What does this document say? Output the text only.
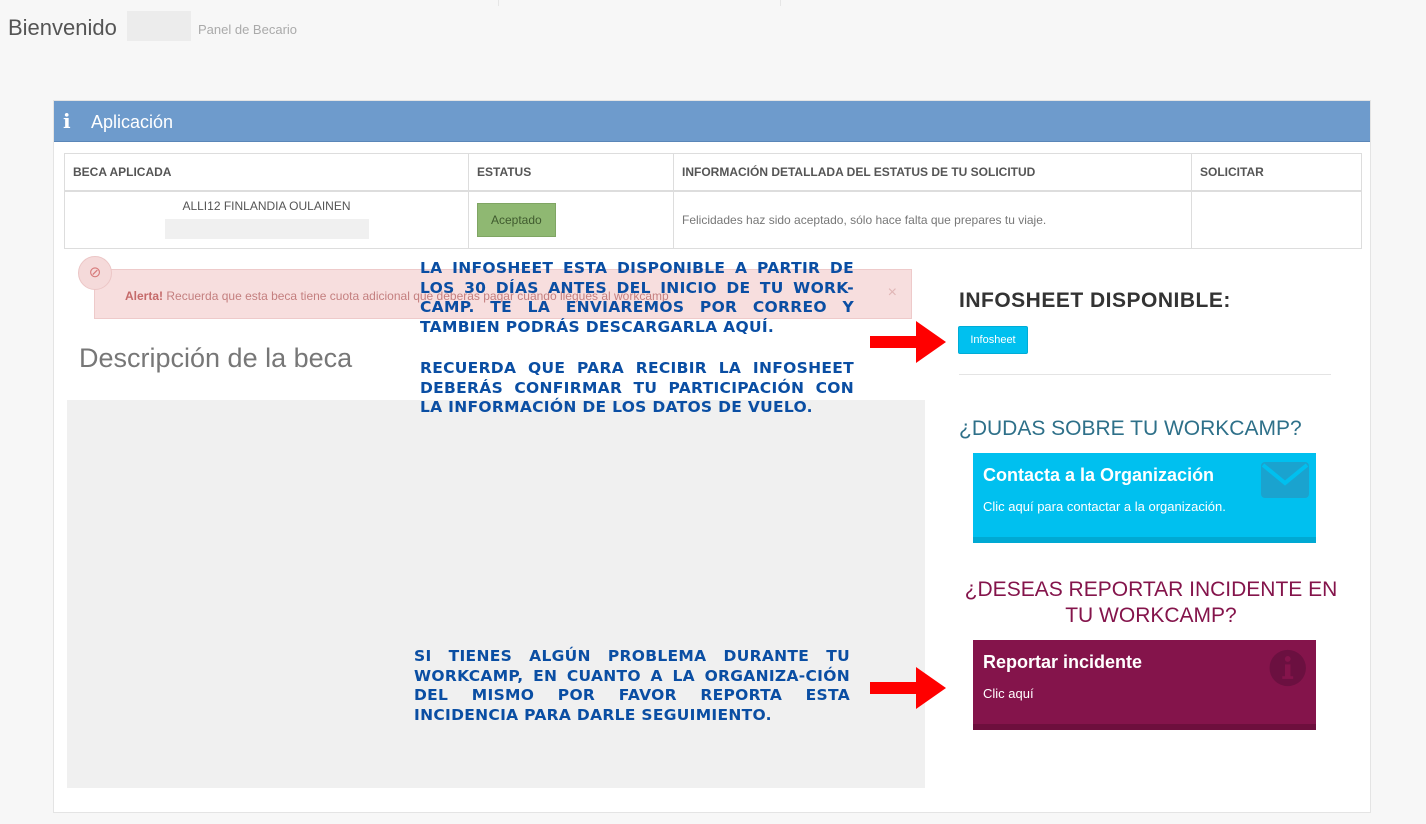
Bienvenido	Panel de Becario
i Aplicación
BECA APLICADA	ESTATUS	INFORMACIÓN DETALLADA DEL ESTATUS DE TU SOLICITUD	SOLICITAR

ALLI12 FINLANDIA OULAINEN	Aceptado	Felicidades haz sido aceptado, sólo hace falta que prepares tu viaje.	
Alerta! Recuerda que esta beca tiene cuota adicional que deberás pagar cuando llegues al workcamp	×
⊘
Descripción de la beca
LA INFOSHEET ESTA DISPONIBLE A PARTIR DE LOS 30 DÍAS ANTES DEL INICIO DE TU WORK-CAMP. TE LA ENVIAREMOS POR CORREO Y TAMBIEN PODRÁS DESCARGARLA AQUÍ.
RECUERDA QUE PARA RECIBIR LA INFOSHEET DEBERÁS CONFIRMAR TU PARTICIPACIÓN CON LA INFORMACIÓN DE LOS DATOS DE VUELO.
SI TIENES ALGÚN PROBLEMA DURANTE TU WORKCAMP, EN CUANTO A LA ORGANIZA-CIÓN DEL MISMO POR FAVOR REPORTA ESTA INCIDENCIA PARA DARLE SEGUIMIENTO.
INFOSHEET DISPONIBLE:
Infosheet
¿DUDAS SOBRE TU WORKCAMP?
Contacta a la Organización
Clic aquí para contactar a la organización.
¿DESEAS REPORTAR INCIDENTE EN TU WORKCAMP?
Reportar incidente
Clic aquí
